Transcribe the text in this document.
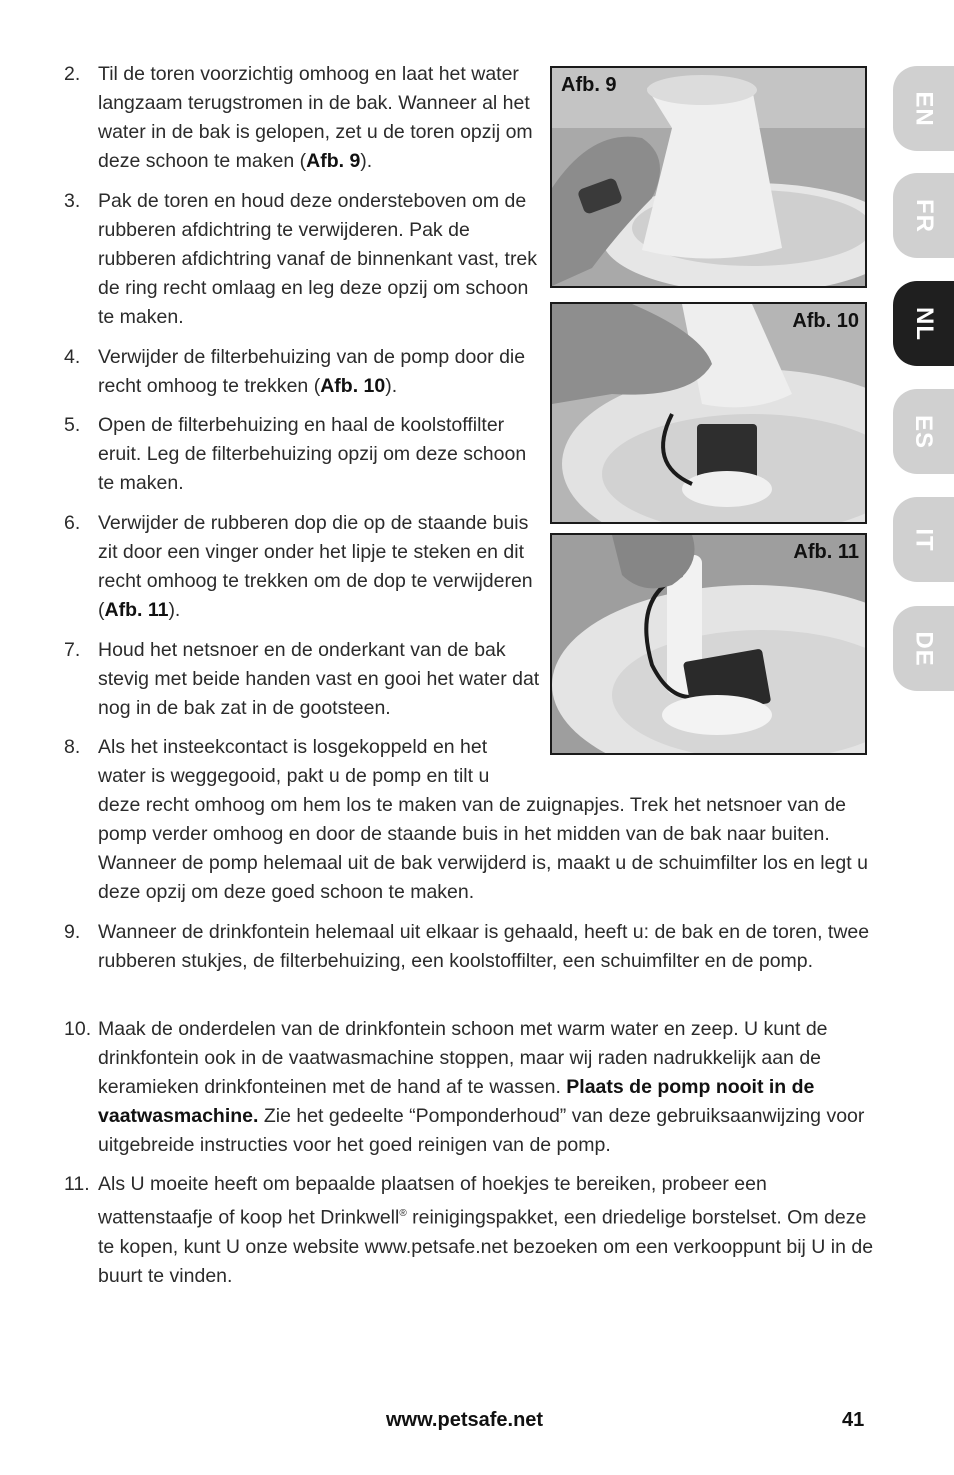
2. Til de toren voorzichtig omhoog en laat het water langzaam terugstromen in de bak. Wanneer al het water in de bak is gelopen, zet u de toren opzij om deze schoon te maken (Afb. 9).
3. Pak de toren en houd deze ondersteboven om de rubberen afdichtring te verwijderen. Pak de rubberen afdichtring vanaf de binnenkant vast, trek de ring recht omlaag en leg deze opzij om schoon te maken.
4. Verwijder de filterbehuizing van de pomp door die recht omhoog te trekken (Afb. 10).
5. Open de filterbehuizing en haal de koolstoffilter eruit. Leg de filterbehuizing opzij om deze schoon te maken.
6. Verwijder de rubberen dop die op de staande buis zit door een vinger onder het lipje te steken en dit recht omhoog te trekken om de dop te verwijderen (Afb. 11).
7. Houd het netsnoer en de onderkant van de bak stevig met beide handen vast en gooi het water dat nog in de bak zat in de gootsteen.
8. Als het insteekcontact is losgekoppeld en het
water is weggegooid, pakt u de pomp en tilt u
deze recht omhoog om hem los te maken van de zuignapjes. Trek het netsnoer van de pomp verder omhoog en door de staande buis in het midden van de bak naar buiten. Wanneer de pomp helemaal uit de bak verwijderd is, maakt u de schuimfilter los en legt u deze opzij om deze goed schoon te maken.
9. Wanneer de drinkfontein helemaal uit elkaar is gehaald, heeft u: de bak en de toren, twee rubberen stukjes, de filterbehuizing, een koolstoffilter, een schuimfilter en de pomp.
10. Maak de onderdelen van de drinkfontein schoon met warm water en zeep. U kunt de drinkfontein ook in de vaatwasmachine stoppen, maar wij raden nadrukkelijk aan de keramieken drinkfonteinen met de hand af te wassen. Plaats de pomp nooit in de vaatwasmachine. Zie het gedeelte “Pomponderhoud” van deze gebruiksaanwijzing voor uitgebreide instructies voor het goed reinigen van de pomp.
11. Als U moeite heeft om bepaalde plaatsen of hoekjes te bereiken, probeer een wattenstaafje of koop het Drinkwell® reinigingspakket, een driedelige borstelset. Om deze te kopen, kunt U onze website www.petsafe.net bezoeken om een verkooppunt bij U in de buurt te vinden.
Afb. 9
Afb. 10
Afb. 11
EN
FR
NL
ES
IT
DE
www.petsafe.net	41
